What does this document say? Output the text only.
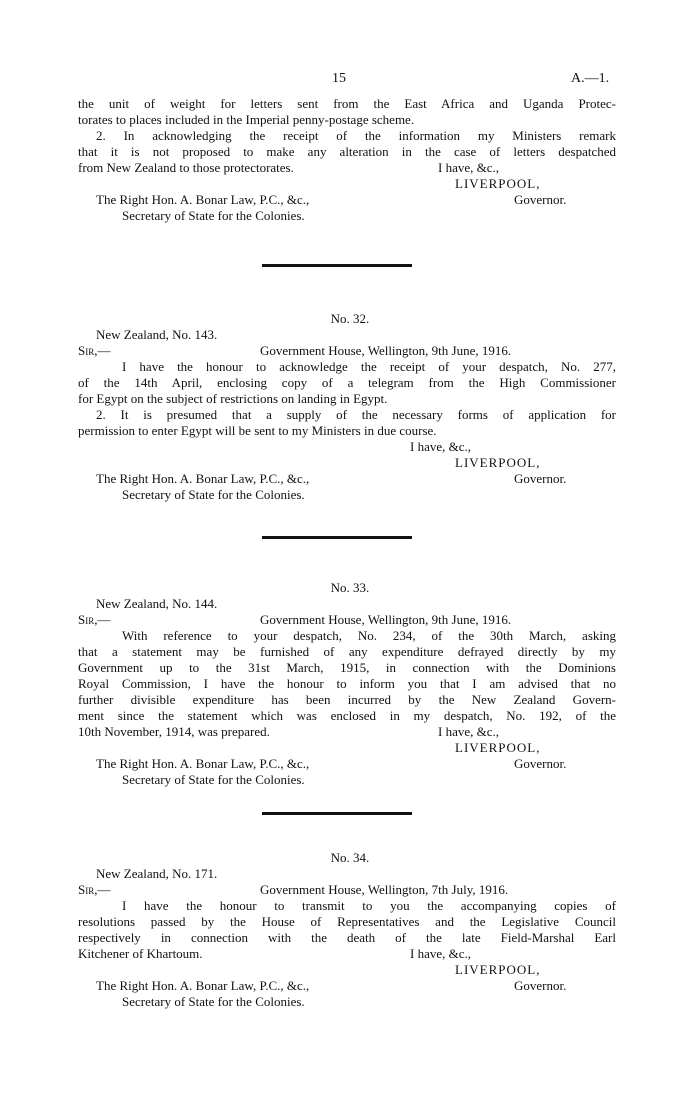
15	A.—1.
the unit of weight for letters sent from the East Africa and Uganda Protec-
torates to places included in the Imperial penny-postage scheme.
2. In acknowledging the receipt of the information my Ministers remark
that it is not proposed to make any alteration in the case of letters despatched
from New Zealand to those protectorates.	I have, &c.,
LIVERPOOL,
Governor.
The Right Hon. A. Bonar Law, P.C., &c.,
Secretary of State for the Colonies.
No. 32.
New Zealand, No. 143.
Sir,—	Government House, Wellington, 9th June, 1916.
I have the honour to acknowledge the receipt of your despatch, No. 277,
of the 14th April, enclosing copy of a telegram from the High Commissioner
for Egypt on the subject of restrictions on landing in Egypt.
2. It is presumed that a supply of the necessary forms of application for
permission to enter Egypt will be sent to my Ministers in due course.
I have, &c.,
LIVERPOOL,
Governor.
The Right Hon. A. Bonar Law, P.C., &c.,
Secretary of State for the Colonies.
No. 33.
New Zealand, No. 144.
Sir,—	Government House, Wellington, 9th June, 1916.
With reference to your despatch, No. 234, of the 30th March, asking
that a statement may be furnished of any expenditure defrayed directly by my
Government up to the 31st March, 1915, in connection with the Dominions
Royal Commission, I have the honour to inform you that I am advised that no
further divisible expenditure has been incurred by the New Zealand Govern-
ment since the statement which was enclosed in my despatch, No. 192, of the
10th November, 1914, was prepared.	I have, &c.,
LIVERPOOL,
Governor.
The Right Hon. A. Bonar Law, P.C., &c.,
Secretary of State for the Colonies.
No. 34.
New Zealand, No. 171.
Sir,—	Government House, Wellington, 7th July, 1916.
I have the honour to transmit to you the accompanying copies of
resolutions passed by the House of Representatives and the Legislative Council
respectively in connection with the death of the late Field-Marshal Earl
Kitchener of Khartoum.	I have, &c.,
LIVERPOOL,
Governor.
The Right Hon. A. Bonar Law, P.C., &c.,
Secretary of State for the Colonies.
